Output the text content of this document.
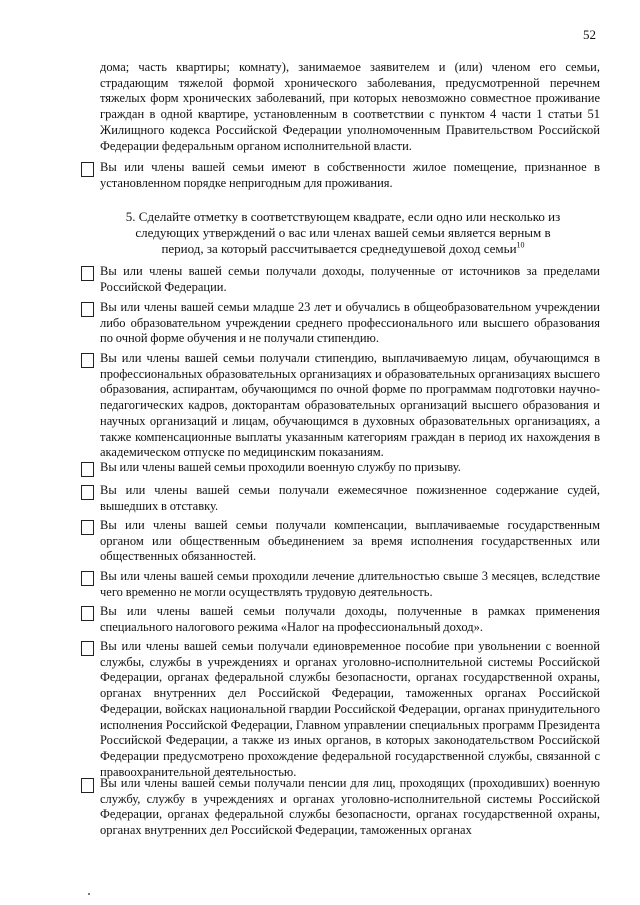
52
дома; часть квартиры; комнату), занимаемое заявителем и (или) членом его семьи, страдающим тяжелой формой хронического заболевания, предусмотренной перечнем тяжелых форм хронических заболеваний, при которых невозможно совместное проживание граждан в одной квартире, установленным в соответствии с пунктом 4 части 1 статьи 51 Жилищного кодекса Российской Федерации уполномоченным Правительством Российской Федерации федеральным органом исполнительной власти.
Вы или члены вашей семьи имеют в собственности жилое помещение, признанное в установленном порядке непригодным для проживания.
5. Сделайте отметку в соответствующем квадрате, если одно или несколько из следующих утверждений о вас или членах вашей семьи является верным в период, за который рассчитывается среднедушевой доход семьи$^{10}$
Вы или члены вашей семьи получали доходы, полученные от источников за пределами Российской Федерации.
Вы или члены вашей семьи младше 23 лет и обучались в общеобразовательном учреждении либо образовательном учреждении среднего профессионального или высшего образования по очной форме обучения и не получали стипендию.
Вы или члены вашей семьи получали стипендию, выплачиваемую лицам, обучающимся в профессиональных образовательных организациях и образовательных организациях высшего образования, аспирантам, обучающимся по очной форме по программам подготовки научно-педагогических кадров, докторантам образовательных организаций высшего образования и научных организаций и лицам, обучающимся в духовных образовательных организациях, а также компенсационные выплаты указанным категориям граждан в период их нахождения в академическом отпуске по медицинским показаниям.
Вы или члены вашей семьи проходили военную службу по призыву.
Вы или члены вашей семьи получали ежемесячное пожизненное содержание судей, вышедших в отставку.
Вы или члены вашей семьи получали компенсации, выплачиваемые государственным органом или общественным объединением за время исполнения государственных или общественных обязанностей.
Вы или члены вашей семьи проходили лечение длительностью свыше 3 месяцев, вследствие чего временно не могли осуществлять трудовую деятельность.
Вы или члены вашей семьи получали доходы, полученные в рамках применения специального налогового режима «Налог на профессиональный доход».
Вы или члены вашей семьи получали единовременное пособие при увольнении с военной службы, службы в учреждениях и органах уголовно-исполнительной системы Российской Федерации, органах федеральной службы безопасности, органах государственной охраны, органах внутренних дел Российской Федерации, таможенных органах Российской Федерации, войсках национальной гвардии Российской Федерации, органах принудительного исполнения Российской Федерации, Главном управлении специальных программ Президента Российской Федерации, а также из иных органов, в которых законодательством Российской Федерации предусмотрено прохождение федеральной государственной службы, связанной с правоохранительной деятельностью.
Вы или члены вашей семьи получали пенсии для лиц, проходящих (проходивших) военную службу, службу в учреждениях и органах уголовно-исполнительной системы Российской Федерации, органах федеральной службы безопасности, органах государственной охраны, органах внутренних дел Российской Федерации, таможенных органах
